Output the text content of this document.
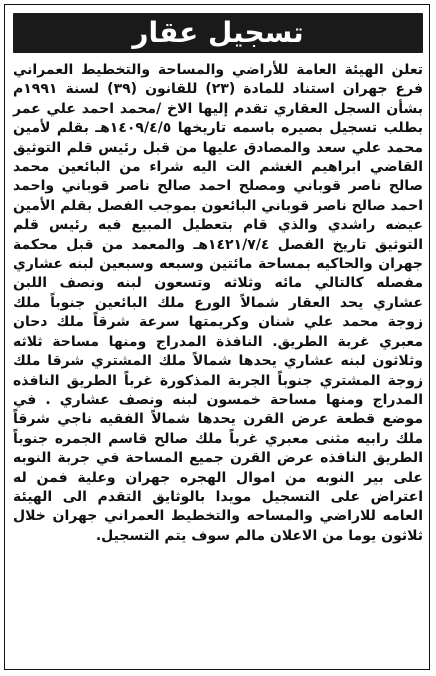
تسجيل عقار

تعلن الهيئة العامة للأراضي والمساحة والتخطيط العمراني فرع جهران استناد للمادة (٢٣) للقانون (٣٩) لسنة ١٩٩١م بشأن السجل العقاري تقدم إليها الاخ /محمد احمد علي عمر بطلب تسجيل بصيره باسمه تاريخها ١٤٠٩/٤/٥هـ بقلم لأمين محمد علي سعد والمصادق عليها من قبل رئيس قلم التوثيق القاضي ابراهيم الغشم الت اليه شراء من البائعين محمد صالح ناصر قوباني ومصلح احمد صالح ناصر قوباني واحمد احمد صالح ناصر قوباني البائعون بموجب الفصل بقلم الأمين عيضه راشدي والذي قام بتعطيل المبيع فيه رئيس قلم التوثيق تاريخ الفصل ١٤٢١/٧/٤هـ والمعمد من قبل محكمة جهران والحاكيه بمساحة مائتين وسبعه وسبعين لبنه عشاري مفصله كالتالي مائه وثلاثه وتسعون لبنه ونصف اللبن عشاري يحد العقار شمالاً الورع ملك البائعين جنوباً ملك زوجة محمد علي شنان وكريمتها سرعة شرقاً ملك دحان معبري غربة الطريق. النافذة المدراج ومنها مساحة ثلاثه وثلاثون لبنه عشاري يحدها شمالاً ملك المشتري شرقا ملك زوجة المشتري جنوباً الجربة المذكورة غرباً الطريق النافذه المدراج ومنها مساحة خمسون لبنه ونصف عشاري . في موضع قطعة عرض القرن يحدها شمالاً الفقيه ناجي شرقاً ملك رابيه مثنى معبري غرباً ملك صالح قاسم الجمره جنوباً الطريق النافذه عرض القرن جميع المساحة في جربة النوبه على بير النوبه من اموال الهجره جهران وعلية فمن له اعتراض على التسجيل مويدا بالوثايق التقدم الى الهيئة العامه للاراضي والمساحه والتخطيط العمراني جهران خلال ثلاثون يوما من الاعلان مالم سوف يتم التسجيل.
